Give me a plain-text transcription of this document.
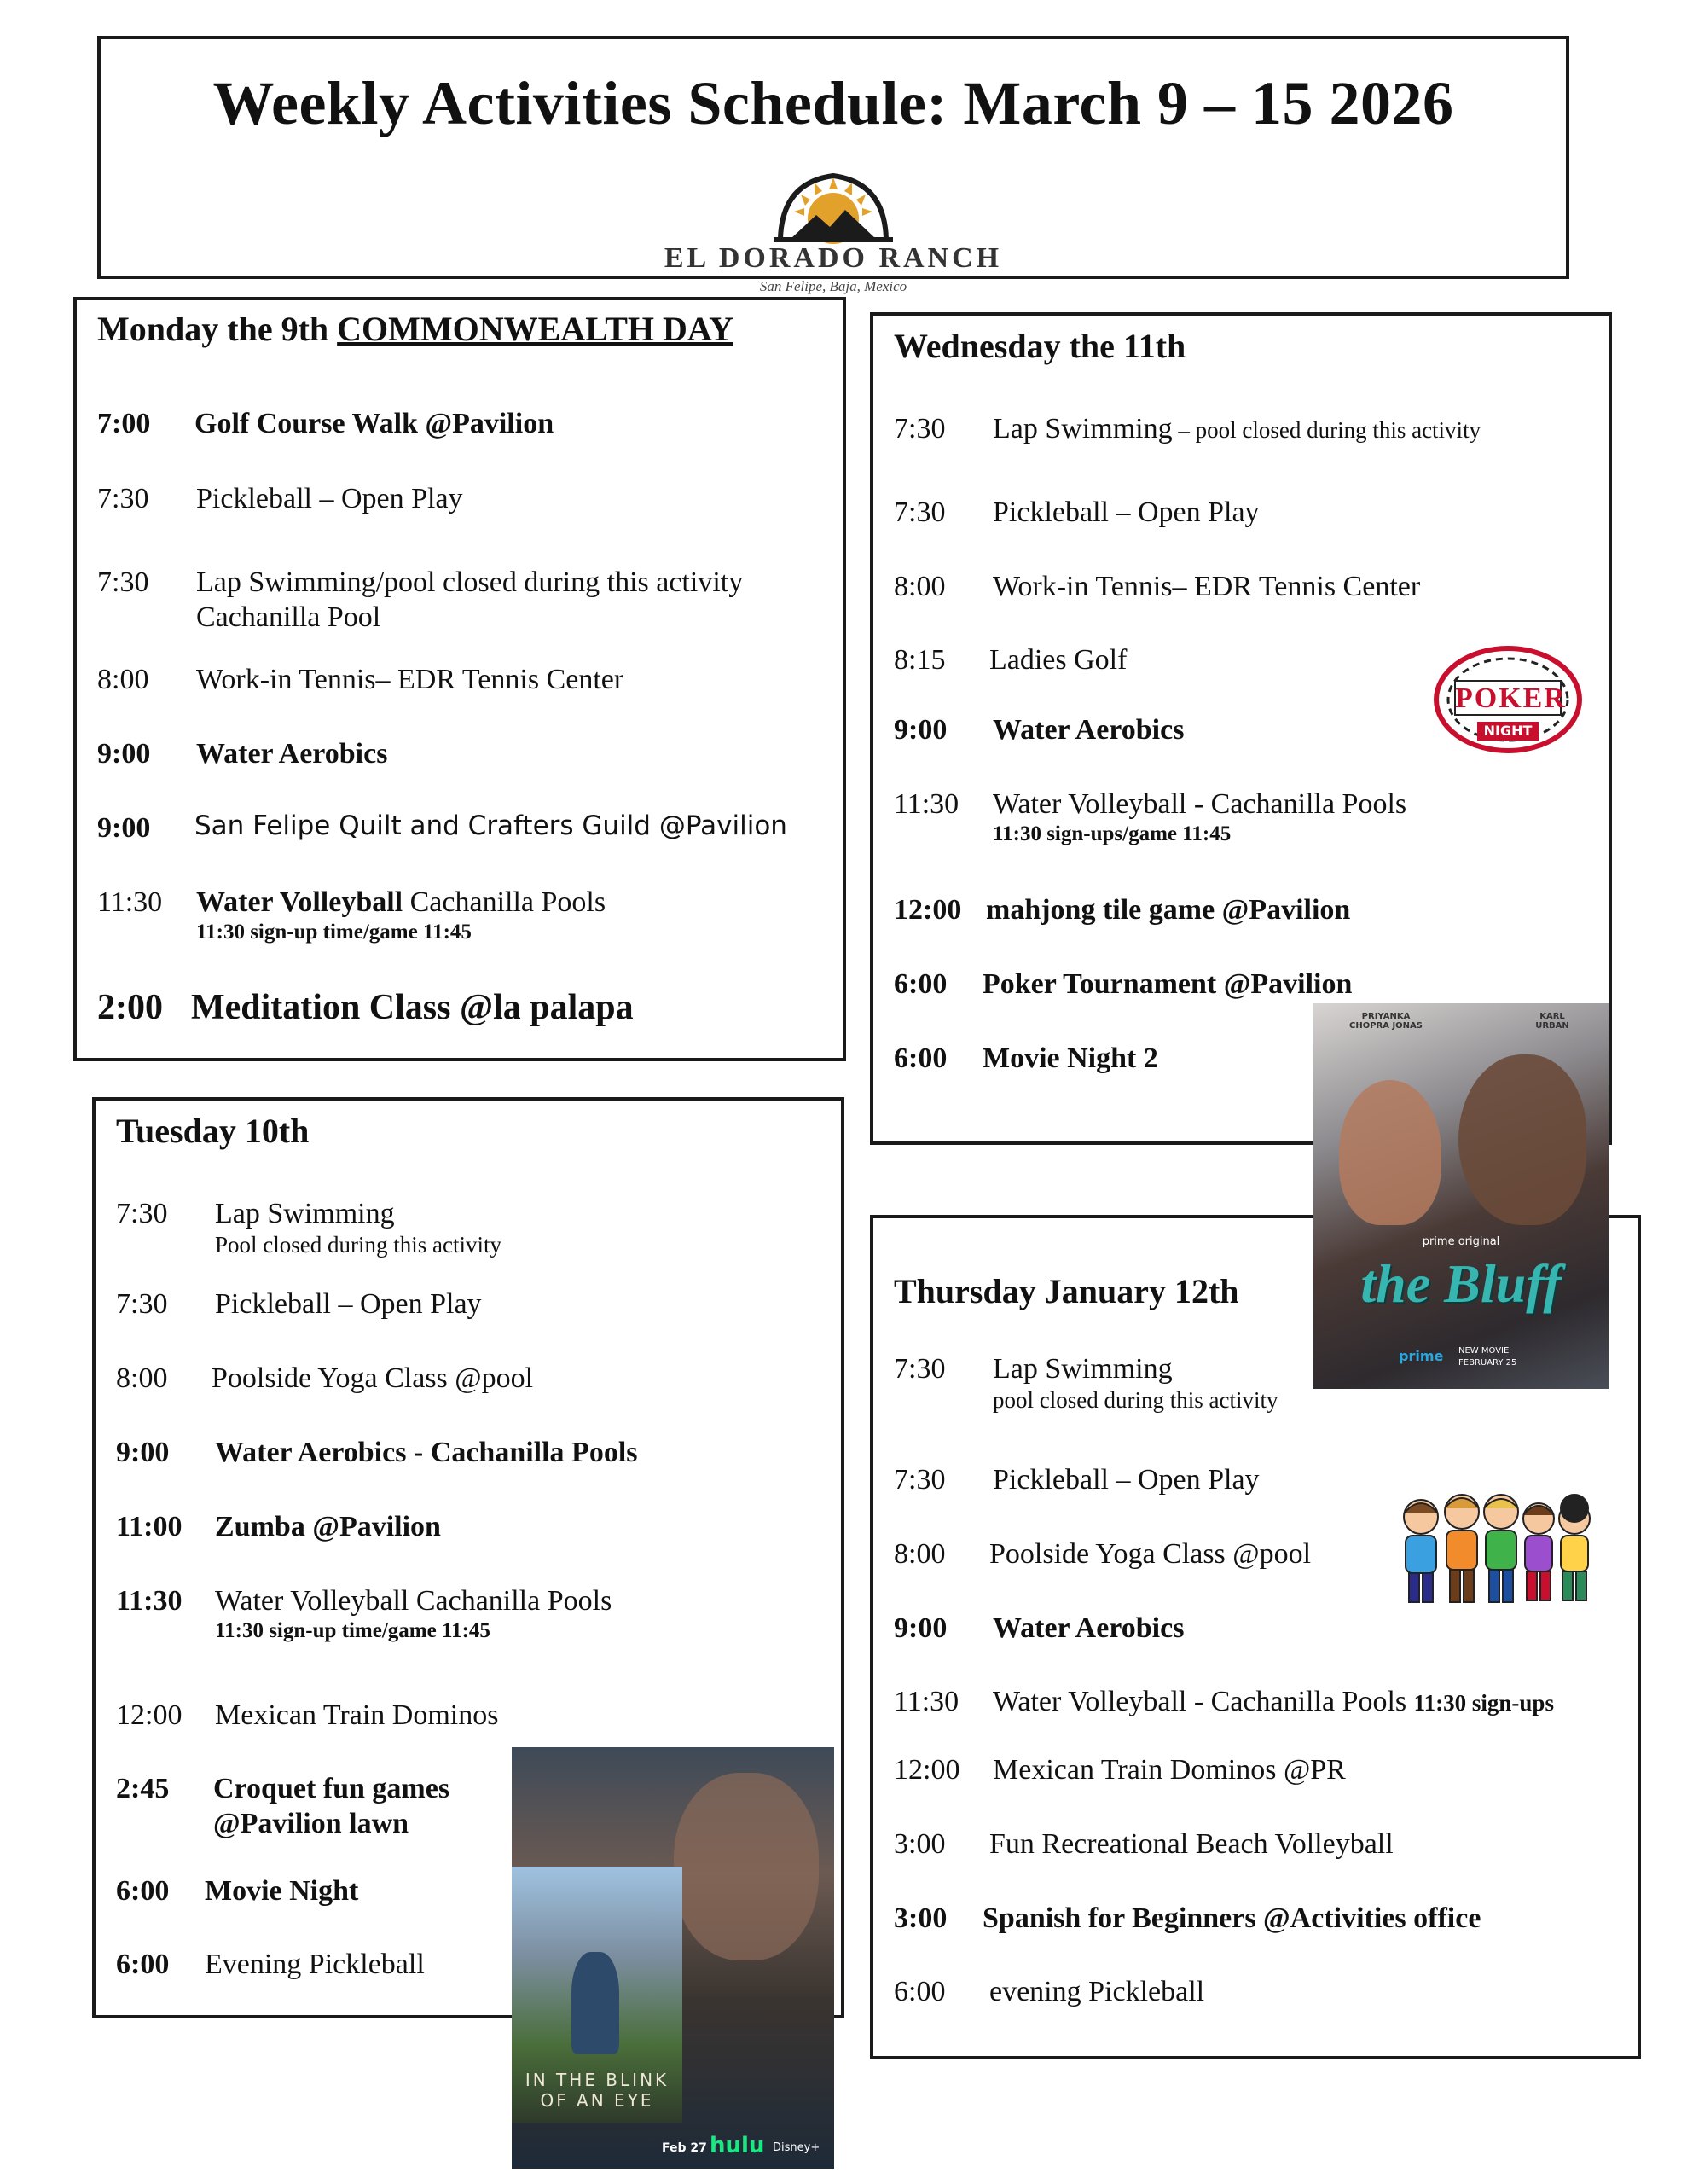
Weekly Activities Schedule: March 9 – 15 2026
EL DORADO RANCH
San Felipe, Baja, Mexico
Monday the 9th COMMONWEALTH DAY
7:00 Golf Course Walk @Pavilion
7:30 Pickleball – Open Play
7:30 Lap Swimming/pool closed during this activity
Cachanilla Pool
8:00 Work-in Tennis– EDR Tennis Center
9:00 Water Aerobics
9:00 San Felipe Quilt and Crafters Guild @Pavilion
11:30 Water Volleyball Cachanilla Pools
11:30 sign-up time/game 11:45
2:00 Meditation Class @la palapa
Tuesday 10th
7:30 Lap Swimming
Pool closed during this activity
7:30 Pickleball – Open Play
8:00 Poolside Yoga Class @pool
9:00 Water Aerobics - Cachanilla Pools
11:00 Zumba @Pavilion
11:30 Water Volleyball Cachanilla Pools
11:30 sign-up time/game 11:45
12:00 Mexican Train Dominos
2:45 Croquet fun games
@Pavilion lawn
6:00 Movie Night
6:00 Evening Pickleball
Wednesday the 11th
7:30 Lap Swimming – pool closed during this activity
7:30 Pickleball – Open Play
8:00 Work-in Tennis– EDR Tennis Center
8:15 Ladies Golf
9:00 Water Aerobics
11:30 Water Volleyball - Cachanilla Pools
11:30 sign-ups/game 11:45
12:00 mahjong tile game @Pavilion
6:00 Poker Tournament @Pavilion
6:00 Movie Night 2
Thursday January 12th
7:30 Lap Swimming
pool closed during this activity
7:30 Pickleball – Open Play
8:00 Poolside Yoga Class @pool
9:00 Water Aerobics
11:30 Water Volleyball - Cachanilla Pools 11:30 sign-ups
12:00 Mexican Train Dominos @PR
3:00 Fun Recreational Beach Volleyball
3:00 Spanish for Beginners @Activities office
6:00 evening Pickleball
POKER
NIGHT
PRIYANKA CHOPRA JONAS
KARL URBAN
prime original
the Bluff
prime NEW MOVIE
FEBRUARY 25
IN THE BLINK
OF AN EYE
Feb 27 hulu Disney+
